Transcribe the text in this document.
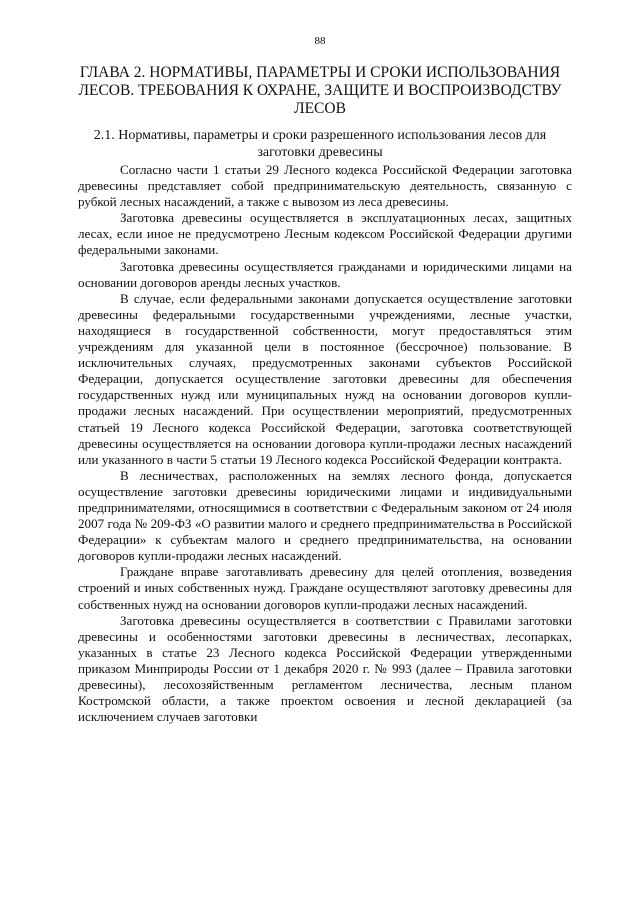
88
ГЛАВА 2. НОРМАТИВЫ, ПАРАМЕТРЫ И СРОКИ ИСПОЛЬЗОВАНИЯ ЛЕСОВ. ТРЕБОВАНИЯ К ОХРАНЕ, ЗАЩИТЕ И ВОСПРОИЗВОДСТВУ ЛЕСОВ
2.1. Нормативы, параметры и сроки разрешенного использования лесов для заготовки древесины

Согласно части 1 статьи 29 Лесного кодекса Российской Федерации заготовка древесины представляет собой предпринимательскую деятельность, связанную с рубкой лесных насаждений, а также с вывозом из леса древесины.

Заготовка древесины осуществляется в эксплуатационных лесах, защитных лесах, если иное не предусмотрено Лесным кодексом Российской Федерации другими федеральными законами.

Заготовка древесины осуществляется гражданами и юридическими лицами на основании договоров аренды лесных участков.

В случае, если федеральными законами допускается осуществление заготовки древесины федеральными государственными учреждениями, лесные участки, находящиеся в государственной собственности, могут предоставляться этим учреждениям для указанной цели в постоянное (бессрочное) пользование. В исключительных случаях, предусмотренных законами субъектов Российской Федерации, допускается осуществление заготовки древесины для обеспечения государственных нужд или муниципальных нужд на основании договоров купли-продажи лесных насаждений. При осуществлении мероприятий, предусмотренных статьей 19 Лесного кодекса Российской Федерации, заготовка соответствующей древесины осуществляется на основании договора купли-продажи лесных насаждений или указанного в части 5 статьи 19 Лесного кодекса Российской Федерации контракта.

В лесничествах, расположенных на землях лесного фонда, допускается осуществление заготовки древесины юридическими лицами и индивидуальными предпринимателями, относящимися в соответствии с Федеральным законом от 24 июля 2007 года № 209-ФЗ «О развитии малого и среднего предпринимательства в Российской Федерации» к субъектам малого и среднего предпринимательства, на основании договоров купли-продажи лесных насаждений.

Граждане вправе заготавливать древесину для целей отопления, возведения строений и иных собственных нужд. Граждане осуществляют заготовку древесины для собственных нужд на основании договоров купли-продажи лесных насаждений.

Заготовка древесины осуществляется в соответствии с Правилами заготовки древесины и особенностями заготовки древесины в лесничествах, лесопарках, указанных в статье 23 Лесного кодекса Российской Федерации утвержденными приказом Минприроды России от 1 декабря 2020 г. № 993 (далее – Правила заготовки древесины), лесохозяйственным регламентом лесничества, лесным планом Костромской области, а также проектом освоения и лесной декларацией (за исключением случаев заготовки
